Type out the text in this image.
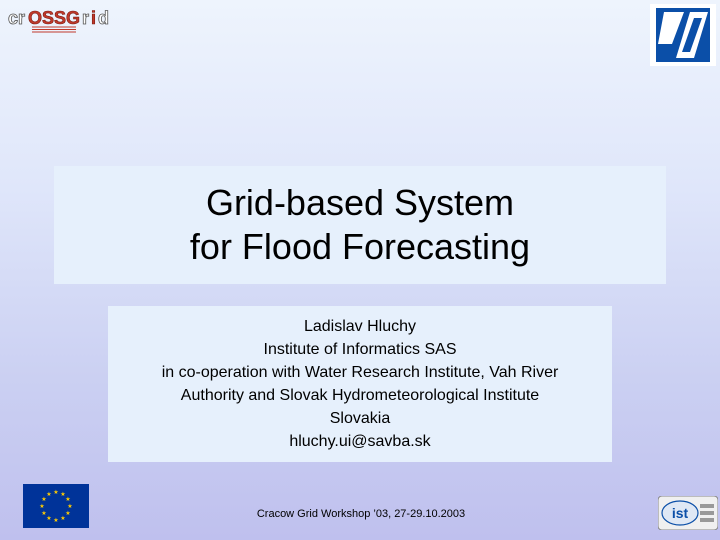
cr OSSG r i d
Grid-based System
for Flood Forecasting
Ladislav Hluchy
Institute of Informatics SAS
in co-operation with Water Research Institute, Vah River
Authority and Slovak Hydrometeorological Institute
Slovakia
hluchy.ui@savba.sk
★ ★
★
★
★
★
★
★
★
★
★
★
Cracow Grid Workshop ’03, 27-29.10.2003	ist
